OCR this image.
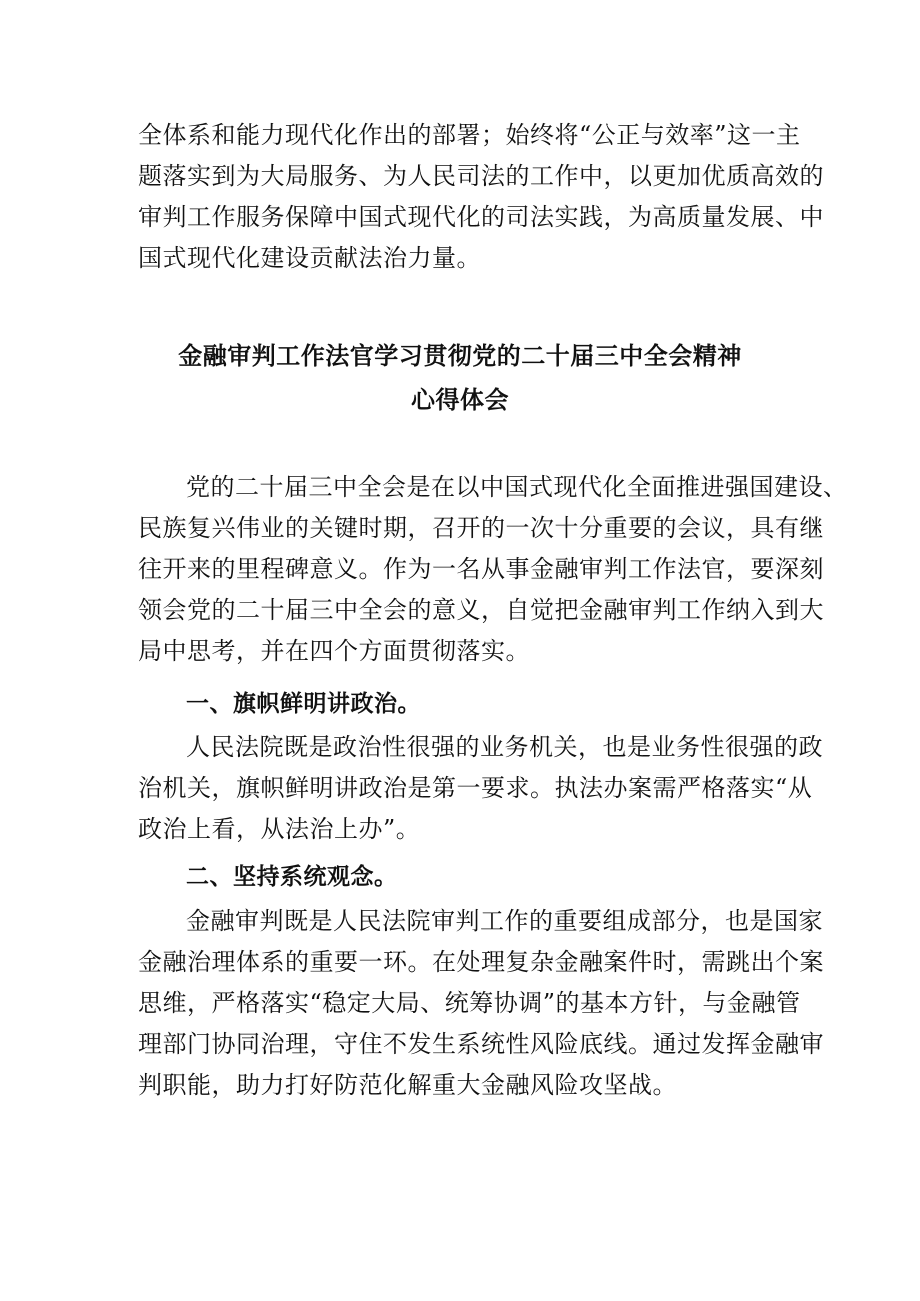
全体系和能力现代化作出的部署；始终将“公正与效率”这一主
题落实到为大局服务、为人民司法的工作中，以更加优质高效的
审判工作服务保障中国式现代化的司法实践，为高质量发展、中
国式现代化建设贡献法治力量。
金融审判工作法官学习贯彻党的二十届三中全会精神
心得体会
党的二十届三中全会是在以中国式现代化全面推进强国建设、
民族复兴伟业的关键时期，召开的一次十分重要的会议，具有继
往开来的里程碑意义。作为一名从事金融审判工作法官，要深刻
领会党的二十届三中全会的意义，自觉把金融审判工作纳入到大
局中思考，并在四个方面贯彻落实。
一、旗帜鲜明讲政治。
人民法院既是政治性很强的业务机关，也是业务性很强的政
治机关，旗帜鲜明讲政治是第一要求。执法办案需严格落实“从
政治上看，从法治上办”。
二、坚持系统观念。
金融审判既是人民法院审判工作的重要组成部分，也是国家
金融治理体系的重要一环。在处理复杂金融案件时，需跳出个案
思维，严格落实“稳定大局、统筹协调”的基本方针，与金融管
理部门协同治理，守住不发生系统性风险底线。通过发挥金融审
判职能，助力打好防范化解重大金融风险攻坚战。
